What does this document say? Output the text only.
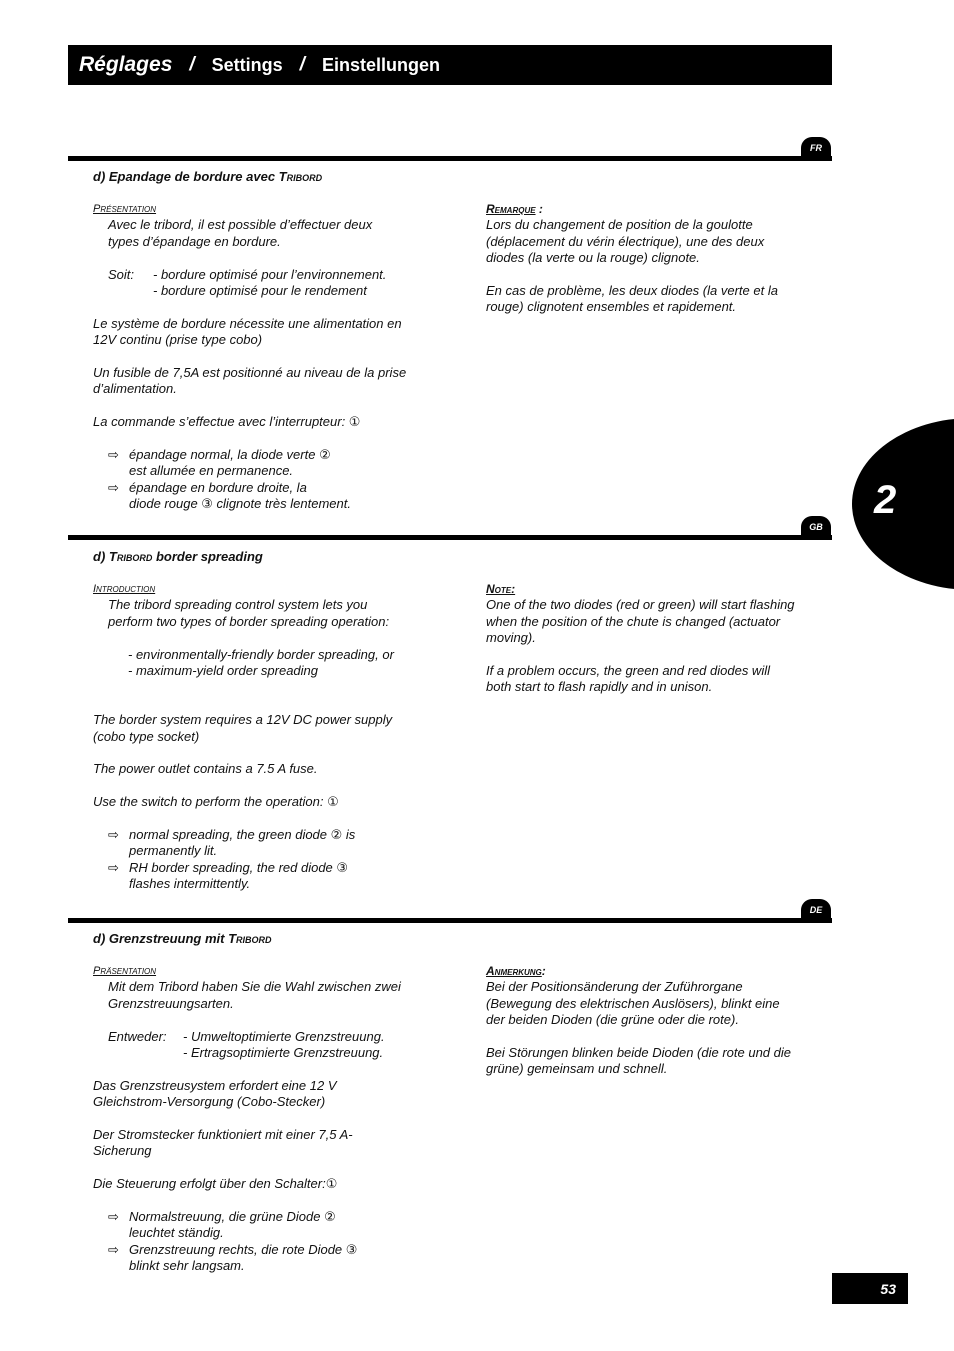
Réglages / Settings / Einstellungen
FR
d) Epandage de bordure avec Tribord

Présentation

Avec le tribord, il est possible d’effectuer deux

types d’épandage en bordure.

Soit:	- bordure optimisé pour l’environnement.

- bordure optimisé pour le rendement

Le système de bordure nécessite une alimentation en

12V continu (prise type cobo)

Un fusible de 7,5A est positionné au niveau de la prise

d’alimentation.

La commande s’effectue avec l’interrupteur: ①

⇨ épandage normal, la diode verte ②

est allumée en permanence.

⇨ épandage en bordure droite, la

diode rouge ③ clignote très lentement.

Remarque :

Lors du changement de position de la goulotte

(déplacement du vérin électrique), une des deux

diodes (la verte ou la rouge) clignote.

En cas de problème, les deux diodes (la verte et la

rouge) clignotent ensembles et rapidement.

GB
d) Tribord border spreading

Introduction

The tribord spreading control system lets you

perform two types of border spreading operation:

- environmentally-friendly border spreading, or

- maximum-yield order spreading

The border system requires a 12V DC power supply

(cobo type socket)

The power outlet contains a 7.5 A fuse.

Use the switch to perform the operation: ①

⇨ normal spreading, the green diode ② is

permanently lit.

⇨ RH border spreading, the red diode ③

flashes intermittently.

Note:

One of the two diodes (red or green) will start flashing

when the position of the chute is changed (actuator

moving).

If a problem occurs, the green and red diodes will

both start to flash rapidly and in unison.

DE
d) Grenzstreuung mit Tribord

Präsentation

Mit dem Tribord haben Sie die Wahl zwischen zwei

Grenzstreuungsarten.

Entweder:	- Umweltoptimierte Grenzstreuung.

- Ertragsoptimierte Grenzstreuung.

Das Grenzstreusystem erfordert eine 12 V

Gleichstrom-Versorgung (Cobo-Stecker)

Der Stromstecker funktioniert mit einer 7,5 A-

Sicherung

Die Steuerung erfolgt über den Schalter:①

⇨ Normalstreuung, die grüne Diode ②

leuchtet ständig.

⇨ Grenzstreuung rechts, die rote Diode ③

blinkt sehr langsam.

Anmerkung:

Bei der Positionsänderung der Zuführorgane

(Bewegung des elektrischen Auslösers), blinkt eine

der beiden Dioden (die grüne oder die rote).

Bei Störungen blinken beide Dioden (die rote und die

grüne) gemeinsam und schnell.

2
53
